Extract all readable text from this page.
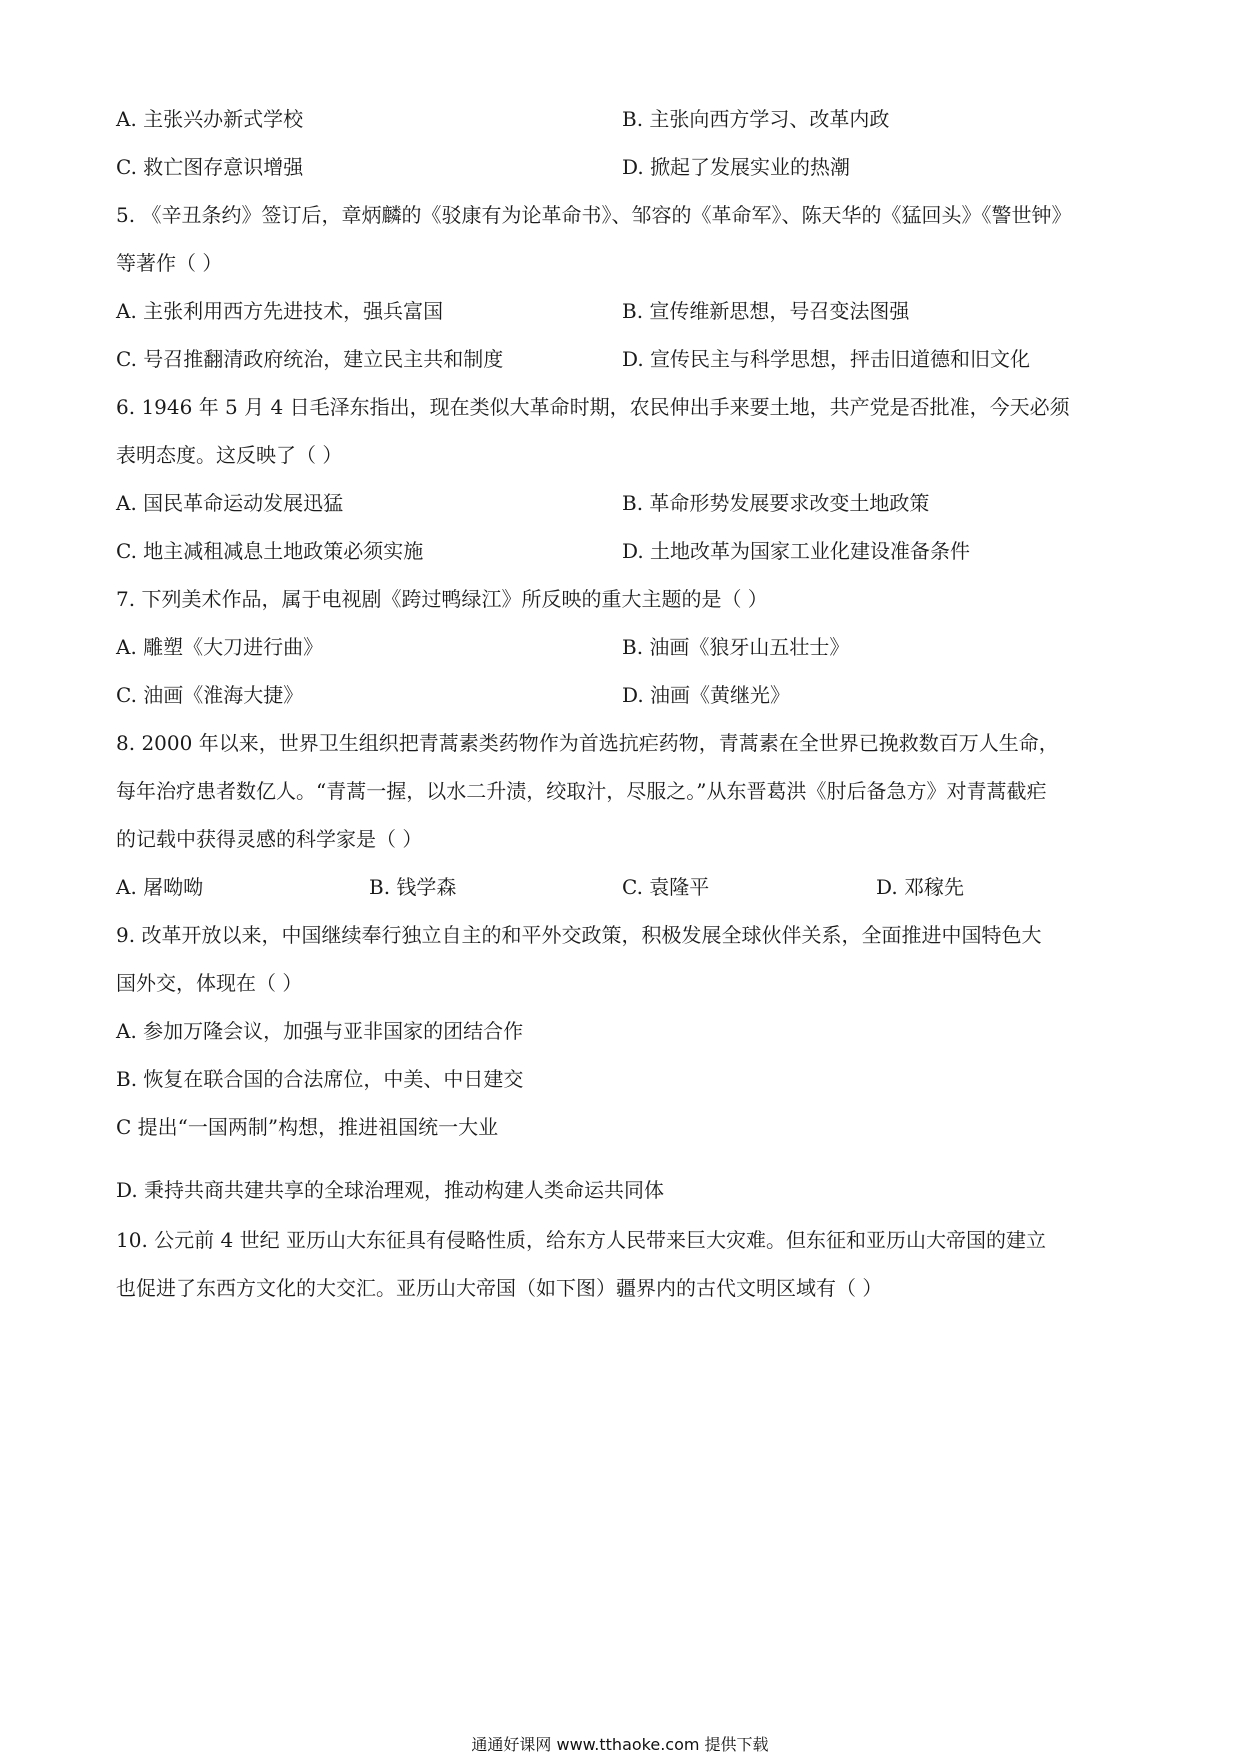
A. 主张兴办新式学校	B. 主张向西方学习、改革内政
C. 救亡图存意识增强	D. 掀起了发展实业的热潮
5. 《辛丑条约》签订后，章炳麟的《驳康有为论革命书》、邹容的《革命军》、陈天华的《猛回头》《警世钟》
等著作（ ）
A. 主张利用西方先进技术，强兵富国	B. 宣传维新思想，号召变法图强
C. 号召推翻清政府统治，建立民主共和制度	D. 宣传民主与科学思想，抨击旧道德和旧文化
6. 1946 年 5 月 4 日毛泽东指出，现在类似大革命时期，农民伸出手来要土地，共产党是否批准，今天必须
表明态度。这反映了（ ）
A. 国民革命运动发展迅猛	B. 革命形势发展要求改变土地政策
C. 地主减租减息土地政策必须实施	D. 土地改革为国家工业化建设准备条件
7. 下列美术作品，属于电视剧《跨过鸭绿江》所反映的重大主题的是（ ）
A. 雕塑《大刀进行曲》	B. 油画《狼牙山五壮士》
C. 油画《淮海大捷》	D. 油画《黄继光》
8. 2000 年以来，世界卫生组织把青蒿素类药物作为首选抗疟药物，青蒿素在全世界已挽救数百万人生命，
每年治疗患者数亿人。“青蒿一握，以水二升渍，绞取汁，尽服之。”从东晋葛洪《肘后备急方》对青蒿截疟
的记载中获得灵感的科学家是（ ）
A. 屠呦呦	B. 钱学森	C. 袁隆平	D. 邓稼先
9. 改革开放以来，中国继续奉行独立自主的和平外交政策，积极发展全球伙伴关系，全面推进中国特色大
国外交，体现在（ ）
A. 参加万隆会议，加强与亚非国家的团结合作
B. 恢复在联合国的合法席位，中美、中日建交
C 提出“一国两制”构想，推进祖国统一大业
D. 秉持共商共建共享的全球治理观，推动构建人类命运共同体
10. 公元前 4 世纪 亚历山大东征具有侵略性质，给东方人民带来巨大灾难。但东征和亚历山大帝国的建立
也促进了东西方文化的大交汇。亚历山大帝国（如下图）疆界内的古代文明区域有（ ）
通通好课网 www.tthaoke.com 提供下载
